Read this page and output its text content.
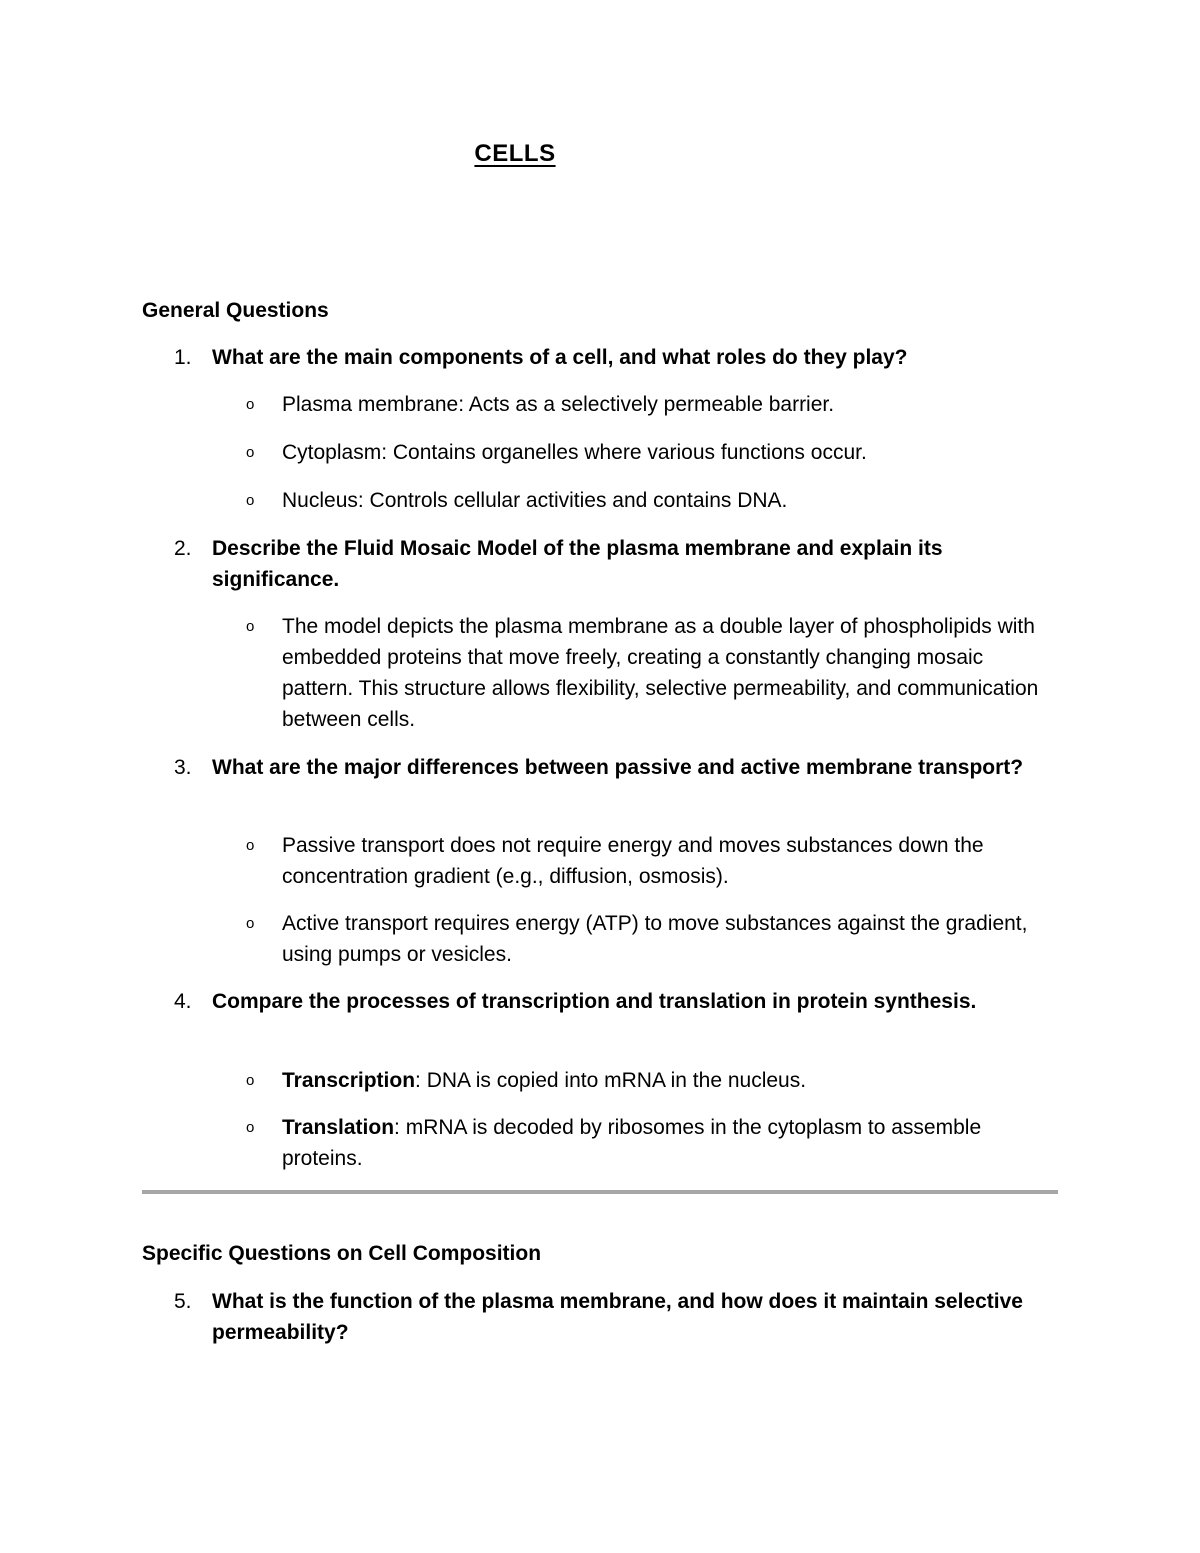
CELLS
General Questions
1. What are the main components of a cell, and what roles do they play?
o Plasma membrane: Acts as a selectively permeable barrier.
o Cytoplasm: Contains organelles where various functions occur.
o Nucleus: Controls cellular activities and contains DNA.
2. Describe the Fluid Mosaic Model of the plasma membrane and explain its significance.
o The model depicts the plasma membrane as a double layer of phospholipids with embedded proteins that move freely, creating a constantly changing mosaic pattern. This structure allows flexibility, selective permeability, and communication between cells.
3. What are the major differences between passive and active membrane transport?
o Passive transport does not require energy and moves substances down the concentration gradient (e.g., diffusion, osmosis).
o Active transport requires energy (ATP) to move substances against the gradient, using pumps or vesicles.
4. Compare the processes of transcription and translation in protein synthesis.
o Transcription: DNA is copied into mRNA in the nucleus.
o Translation: mRNA is decoded by ribosomes in the cytoplasm to assemble proteins.
Specific Questions on Cell Composition
5. What is the function of the plasma membrane, and how does it maintain selective permeability?
